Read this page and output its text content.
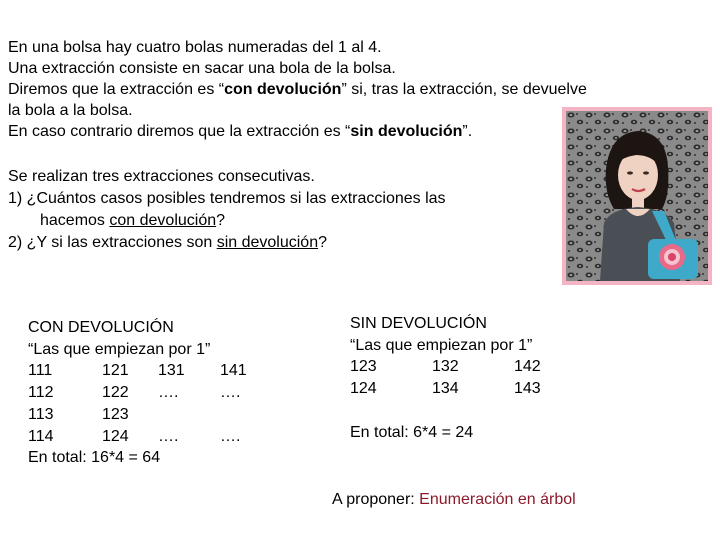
En una bolsa hay cuatro bolas numeradas del 1 al 4.

Una extracción consiste en sacar una bola de la bolsa.

Diremos que la extracción es “con devolución” si, tras la extracción, se devuelve

la bola a la bolsa.

En caso contrario diremos que la extracción es “sin devolución”.

Se realizan tres extracciones consecutivas.

1) ¿Cuántos casos posibles tendremos si las extracciones las

hacemos con devolución?

2) ¿Y si las extracciones son sin devolución?

CON DEVOLUCIÓN
“Las que empiezan por 1”
111	121	131	141
112	122	….	….
113	123
114	124	….	….
En total: 16*4 = 64
SIN DEVOLUCIÓN
“Las que empiezan por 1”
123	132	142
124	134	143
En total: 6*4 = 24
A proponer: Enumeración en árbol
